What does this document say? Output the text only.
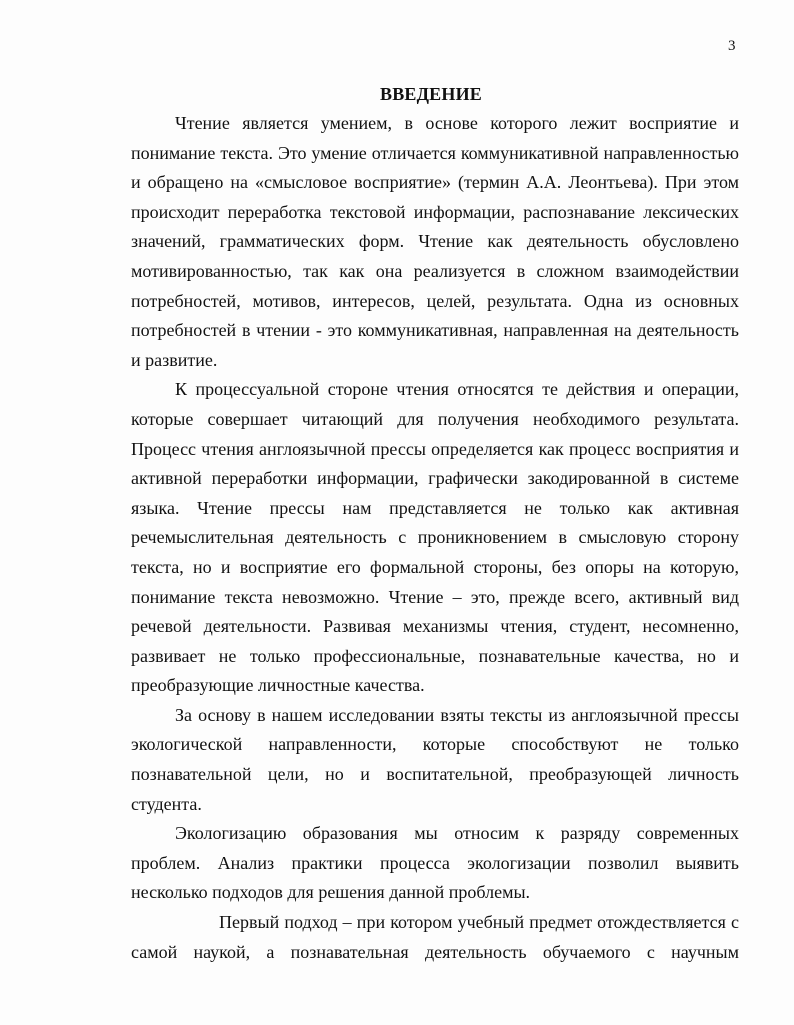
3
ВВЕДЕНИЕ

Чтение является умением, в основе которого лежит восприятие и понимание текста. Это умение отличается коммуникативной направленностью и обращено на «смысловое восприятие» (термин А.А. Леонтьева). При этом происходит переработка текстовой информации, распознавание лексических значений, грамматических форм. Чтение как деятельность обусловлено мотивированностью, так как она реализуется в сложном взаимодействии потребностей, мотивов, интересов, целей, результата. Одна из основных потребностей в чтении - это коммуникативная, направленная на деятельность и развитие.

К процессуальной стороне чтения относятся те действия и операции, которые совершает читающий для получения необходимого результата. Процесс чтения англоязычной прессы определяется как процесс восприятия и активной переработки информации, графически закодированной в системе языка. Чтение прессы нам представляется не только как активная речемыслительная деятельность с проникновением в смысловую сторону текста, но и восприятие его формальной стороны, без опоры на которую, понимание текста невозможно. Чтение – это, прежде всего, активный вид речевой деятельности. Развивая механизмы чтения, студент, несомненно, развивает не только профессиональные, познавательные качества, но и преобразующие личностные качества.

За основу в нашем исследовании взяты тексты из англоязычной прессы экологической направленности, которые способствуют не только познавательной цели, но и воспитательной, преобразующей личность студента.

Экологизацию образования мы относим к разряду современных проблем. Анализ практики процесса экологизации позволил выявить несколько подходов для решения данной проблемы.

Первый подход – при котором учебный предмет отождествляется с самой наукой, а познавательная деятельность обучаемого с научным
